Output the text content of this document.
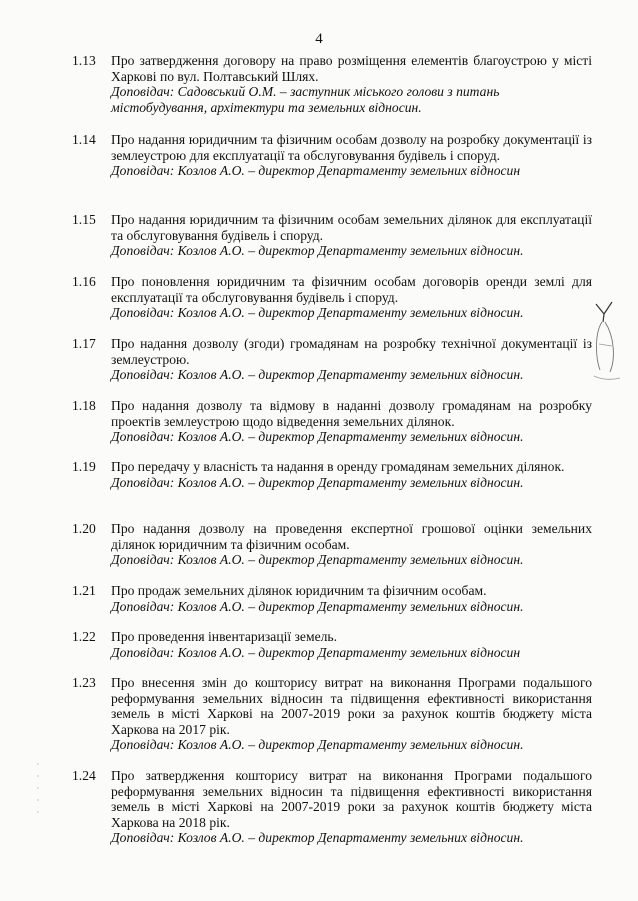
4
1.13	Про затвердження договору на право розміщення елементів благоустрою у місті Харкові по вул. Полтавський Шлях.

Доповідач: Садовський О.М. – заступник міського голови з питань містобудування, архітектури та земельних відносин.

1.14	Про надання юридичним та фізичним особам дозволу на розробку документації із землеустрою для експлуатації та обслуговування будівель і споруд.

Доповідач: Козлов А.О. – директор Департаменту земельних відносин

1.15	Про надання юридичним та фізичним особам земельних ділянок для експлуатації та обслуговування будівель і споруд.

Доповідач: Козлов А.О. – директор Департаменту земельних відносин.

1.16	Про поновлення юридичним та фізичним особам договорів оренди землі для експлуатації та обслуговування будівель і споруд.

Доповідач: Козлов А.О. – директор Департаменту земельних відносин.

1.17	Про надання дозволу (згоди) громадянам на розробку технічної документації із землеустрою.

Доповідач: Козлов А.О. – директор Департаменту земельних відносин.

1.18	Про надання дозволу та відмову в наданні дозволу громадянам на розробку проектів землеустрою щодо відведення земельних ділянок.

Доповідач: Козлов А.О. – директор Департаменту земельних відносин.

1.19	Про передачу у власність та надання в оренду громадянам земельних ділянок.

Доповідач: Козлов А.О. – директор Департаменту земельних відносин.

1.20	Про надання дозволу на проведення експертної грошової оцінки земельних ділянок юридичним та фізичним особам.

Доповідач: Козлов А.О. – директор Департаменту земельних відносин.

1.21	Про продаж земельних ділянок юридичним та фізичним особам.

Доповідач: Козлов А.О. – директор Департаменту земельних відносин.

1.22	Про проведення інвентаризації земель.

Доповідач: Козлов А.О. – директор Департаменту земельних відносин

1.23	Про внесення змін до кошторису витрат на виконання Програми подальшого реформування земельних відносин та підвищення ефективності використання земель в місті Харкові на 2007-2019 роки за рахунок коштів бюджету міста Харкова на 2017 рік.

Доповідач: Козлов А.О. – директор Департаменту земельних відносин.

1.24	Про затвердження кошторису витрат на виконання Програми подальшого реформування земельних відносин та підвищення ефективності використання земель в місті Харкові на 2007-2019 роки за рахунок коштів бюджету міста Харкова на 2018 рік.

Доповідач: Козлов А.О. – директор Департаменту земельних відносин.
